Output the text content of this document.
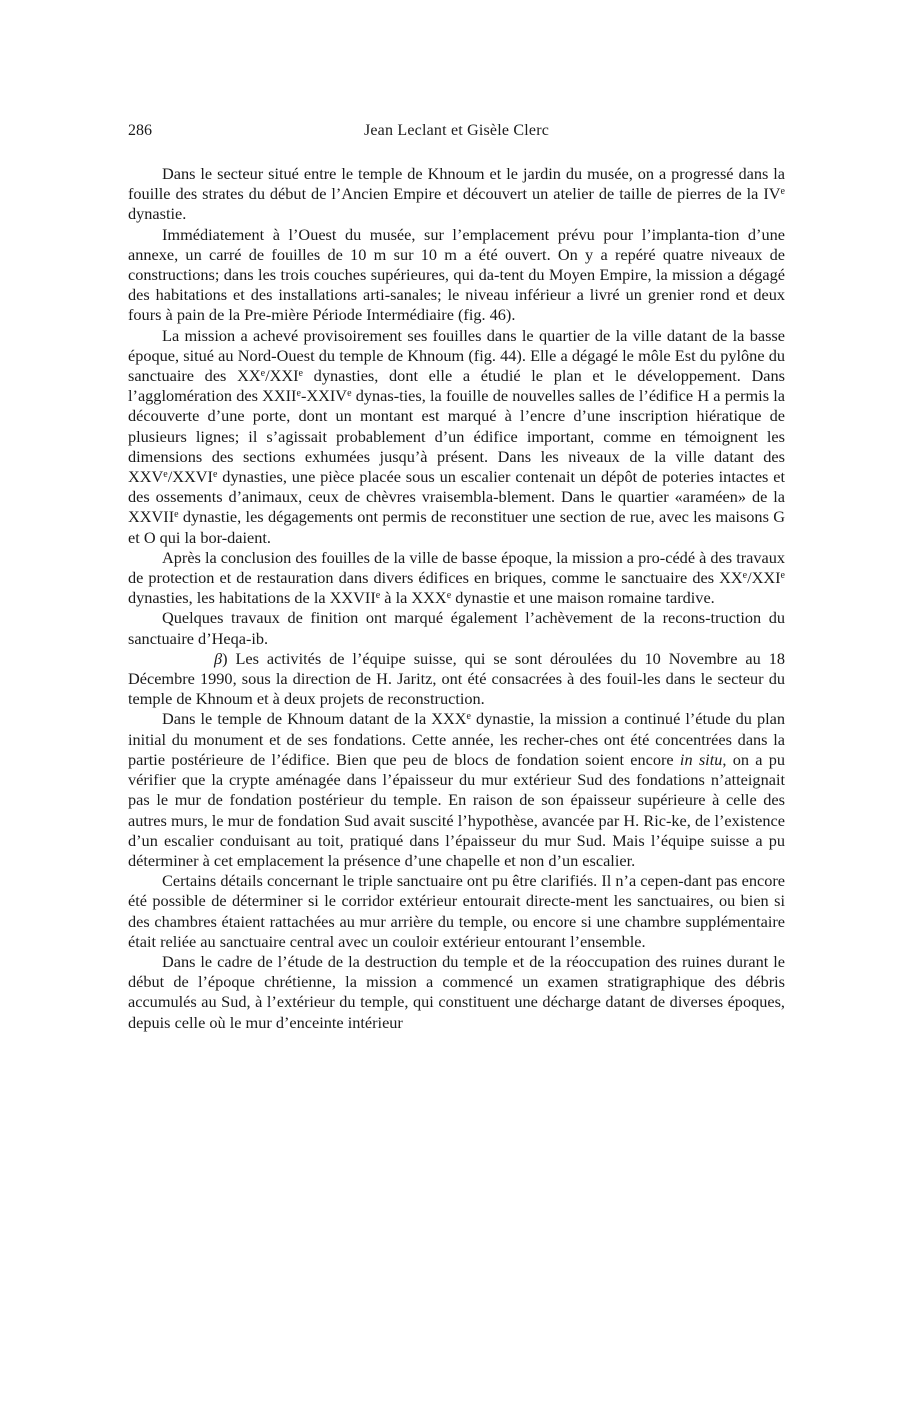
286	Jean Leclant et Gisèle Clerc

Dans le secteur situé entre le temple de Khnoum et le jardin du musée, on a progressé dans la fouille des strates du début de l’Ancien Empire et découvert un atelier de taille de pierres de la IVe dynastie.

Immédiatement à l’Ouest du musée, sur l’emplacement prévu pour l’implanta-tion d’une annexe, un carré de fouilles de 10 m sur 10 m a été ouvert. On y a repéré quatre niveaux de constructions; dans les trois couches supérieures, qui da-tent du Moyen Empire, la mission a dégagé des habitations et des installations arti-sanales; le niveau inférieur a livré un grenier rond et deux fours à pain de la Pre-mière Période Intermédiaire (fig. 46).

La mission a achevé provisoirement ses fouilles dans le quartier de la ville datant de la basse époque, situé au Nord-Ouest du temple de Khnoum (fig. 44). Elle a dégagé le môle Est du pylône du sanctuaire des XXe/XXIe dynasties, dont elle a étudié le plan et le développement. Dans l’agglomération des XXIIe-XXIVe dynas-ties, la fouille de nouvelles salles de l’édifice H a permis la découverte d’une porte, dont un montant est marqué à l’encre d’une inscription hiératique de plusieurs lignes; il s’agissait probablement d’un édifice important, comme en témoignent les dimensions des sections exhumées jusqu’à présent. Dans les niveaux de la ville datant des XXVe/XXVIe dynasties, une pièce placée sous un escalier contenait un dépôt de poteries intactes et des ossements d’animaux, ceux de chèvres vraisembla-blement. Dans le quartier «araméen» de la XXVIIe dynastie, les dégagements ont permis de reconstituer une section de rue, avec les maisons G et O qui la bor-daient.

Après la conclusion des fouilles de la ville de basse époque, la mission a pro-cédé à des travaux de protection et de restauration dans divers édifices en briques, comme le sanctuaire des XXe/XXIe dynasties, les habitations de la XXVIIe à la XXXe dynastie et une maison romaine tardive.

Quelques travaux de finition ont marqué également l’achèvement de la recons-truction du sanctuaire d’Heqa-ib.

β) Les activités de l’équipe suisse, qui se sont déroulées du 10 Novembre au 18 Décembre 1990, sous la direction de H. Jaritz, ont été consacrées à des fouil-les dans le secteur du temple de Khnoum et à deux projets de reconstruction.

Dans le temple de Khnoum datant de la XXXe dynastie, la mission a continué l’étude du plan initial du monument et de ses fondations. Cette année, les recher-ches ont été concentrées dans la partie postérieure de l’édifice. Bien que peu de blocs de fondation soient encore in situ, on a pu vérifier que la crypte aménagée dans l’épaisseur du mur extérieur Sud des fondations n’atteignait pas le mur de fondation postérieur du temple. En raison de son épaisseur supérieure à celle des autres murs, le mur de fondation Sud avait suscité l’hypothèse, avancée par H. Ric-ke, de l’existence d’un escalier conduisant au toit, pratiqué dans l’épaisseur du mur Sud. Mais l’équipe suisse a pu déterminer à cet emplacement la présence d’une chapelle et non d’un escalier.

Certains détails concernant le triple sanctuaire ont pu être clarifiés. Il n’a cepen-dant pas encore été possible de déterminer si le corridor extérieur entourait directe-ment les sanctuaires, ou bien si des chambres étaient rattachées au mur arrière du temple, ou encore si une chambre supplémentaire était reliée au sanctuaire central avec un couloir extérieur entourant l’ensemble.

Dans le cadre de l’étude de la destruction du temple et de la réoccupation des ruines durant le début de l’époque chrétienne, la mission a commencé un examen stratigraphique des débris accumulés au Sud, à l’extérieur du temple, qui constituent une décharge datant de diverses époques, depuis celle où le mur d’enceinte intérieur
